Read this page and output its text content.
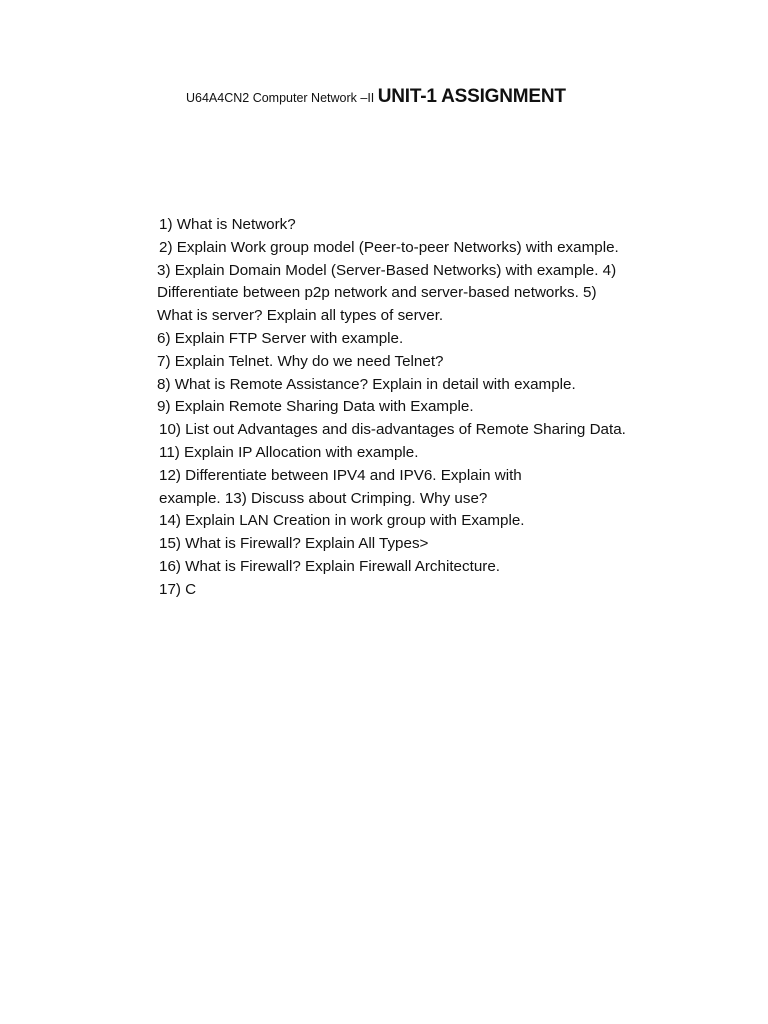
U64A4CN2 Computer Network –II UNIT-1 ASSIGNMENT
1) What is Network?
2) Explain Work group model (Peer-to-peer Networks) with example.
3) Explain Domain Model (Server-Based Networks) with example. 4)
Differentiate between p2p network and server-based networks. 5)
What is server? Explain all types of server.
6) Explain FTP Server with example.
7) Explain Telnet. Why do we need Telnet?
8) What is Remote Assistance? Explain in detail with example.
9) Explain Remote Sharing Data with Example.
10) List out Advantages and dis-advantages of Remote Sharing Data.
11) Explain IP Allocation with example.
12) Differentiate between IPV4 and IPV6. Explain with
example. 13) Discuss about Crimping. Why use?
14) Explain LAN Creation in work group with Example.
15) What is Firewall? Explain All Types>
16) What is Firewall? Explain Firewall Architecture.
17) C
